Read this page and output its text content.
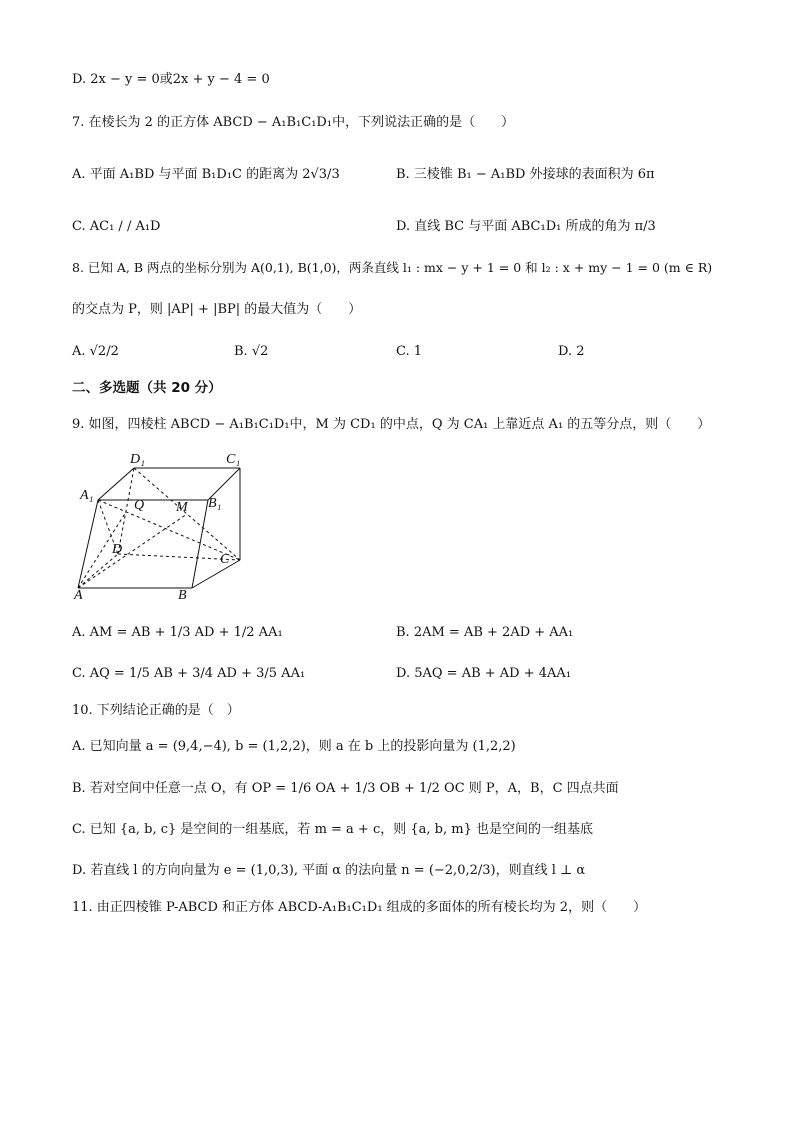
D. 2x − y = 0或2x + y − 4 = 0
7. 在棱长为 2 的正方体 ABCD − A₁B₁C₁D₁中，下列说法正确的是（　　）
A. 平面 A₁BD 与平面 B₁D₁C 的距离为 2√3/3	B. 三棱锥 B₁ − A₁BD 外接球的表面积为 6π
C. AC₁ / / A₁D	D. 直线 BC 与平面 ABC₁D₁ 所成的角为 π/3
8. 已知 A, B 两点的坐标分别为 A(0,1), B(1,0)，两条直线 l₁ : mx − y + 1 = 0 和 l₂ : x + my − 1 = 0 (m ∈ R)
的交点为 P，则 |AP| + |BP| 的最大值为（　　）
A. √2/2	B. √2	C. 1	D. 2
二、多选题（共 20 分）
9. 如图，四棱柱 ABCD − A₁B₁C₁D₁中，M 为 CD₁ 的中点，Q 为 CA₁ 上靠近点 A₁ 的五等分点，则（　　）
D₁	C₁
A₁
B₁
Q M
D
C
A	B
A. AM = AB + 1/3 AD + 1/2 AA₁	B. 2AM = AB + 2AD + AA₁
C. AQ = 1/5 AB + 3/4 AD + 3/5 AA₁	D. 5AQ = AB + AD + 4AA₁
10. 下列结论正确的是（　）
A. 已知向量 a = (9,4,−4), b = (1,2,2)，则 a 在 b 上的投影向量为 (1,2,2)
B. 若对空间中任意一点 O，有 OP = 1/6 OA + 1/3 OB + 1/2 OC 则 P，A，B，C 四点共面
C. 已知 {a, b, c} 是空间的一组基底，若 m = a + c，则 {a, b, m} 也是空间的一组基底
D. 若直线 l 的方向向量为 e = (1,0,3), 平面 α 的法向量 n = (−2,0,2/3)，则直线 l ⊥ α
11. 由正四棱锥 P-ABCD 和正方体 ABCD-A₁B₁C₁D₁ 组成的多面体的所有棱长均为 2，则（　　）
